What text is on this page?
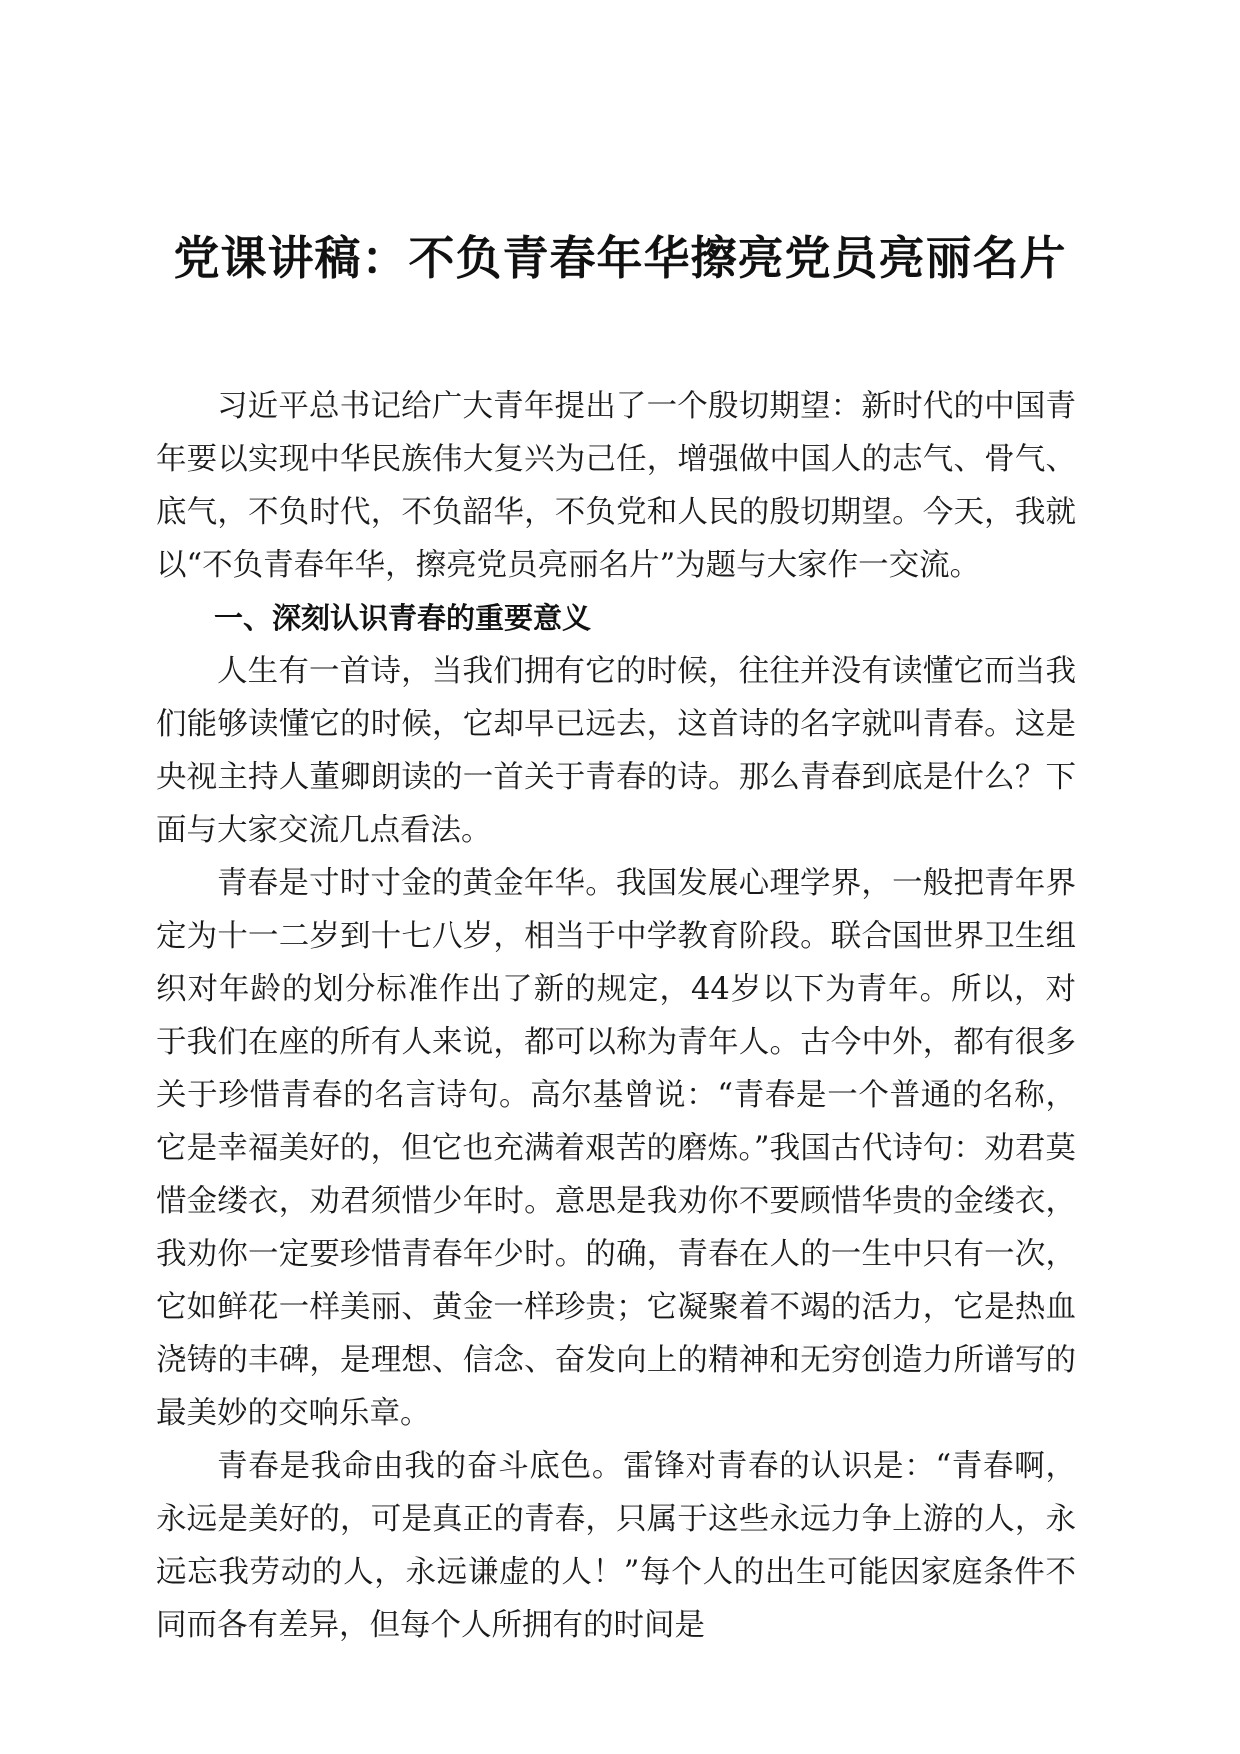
党课讲稿：不负青春年华擦亮党员亮丽名片

习近平总书记给广大青年提出了一个殷切期望：新时代的中国青年要以实现中华民族伟大复兴为己任，增强做中国人的志气、骨气、底气，不负时代，不负韶华，不负党和人民的殷切期望。今天，我就以“不负青春年华，擦亮党员亮丽名片”为题与大家作一交流。

一、深刻认识青春的重要意义

人生有一首诗，当我们拥有它的时候，往往并没有读懂它而当我们能够读懂它的时候，它却早已远去，这首诗的名字就叫青春。这是央视主持人董卿朗读的一首关于青春的诗。那么青春到底是什么？下面与大家交流几点看法。

青春是寸时寸金的黄金年华。我国发展心理学界，一般把青年界定为十一二岁到十七八岁，相当于中学教育阶段。联合国世界卫生组织对年龄的划分标准作出了新的规定，44岁以下为青年。所以，对于我们在座的所有人来说，都可以称为青年人。古今中外，都有很多关于珍惜青春的名言诗句。高尔基曾说：“青春是一个普通的名称，它是幸福美好的，但它也充满着艰苦的磨炼。”我国古代诗句：劝君莫惜金缕衣，劝君须惜少年时。意思是我劝你不要顾惜华贵的金缕衣，我劝你一定要珍惜青春年少时。的确，青春在人的一生中只有一次，它如鲜花一样美丽、黄金一样珍贵；它凝聚着不竭的活力，它是热血浇铸的丰碑，是理想、信念、奋发向上的精神和无穷创造力所谱写的最美妙的交响乐章。

青春是我命由我的奋斗底色。雷锋对青春的认识是：“青春啊，永远是美好的，可是真正的青春，只属于这些永远力争上游的人，永远忘我劳动的人，永远谦虚的人！”每个人的出生可能因家庭条件不同而各有差异，但每个人所拥有的时间是
